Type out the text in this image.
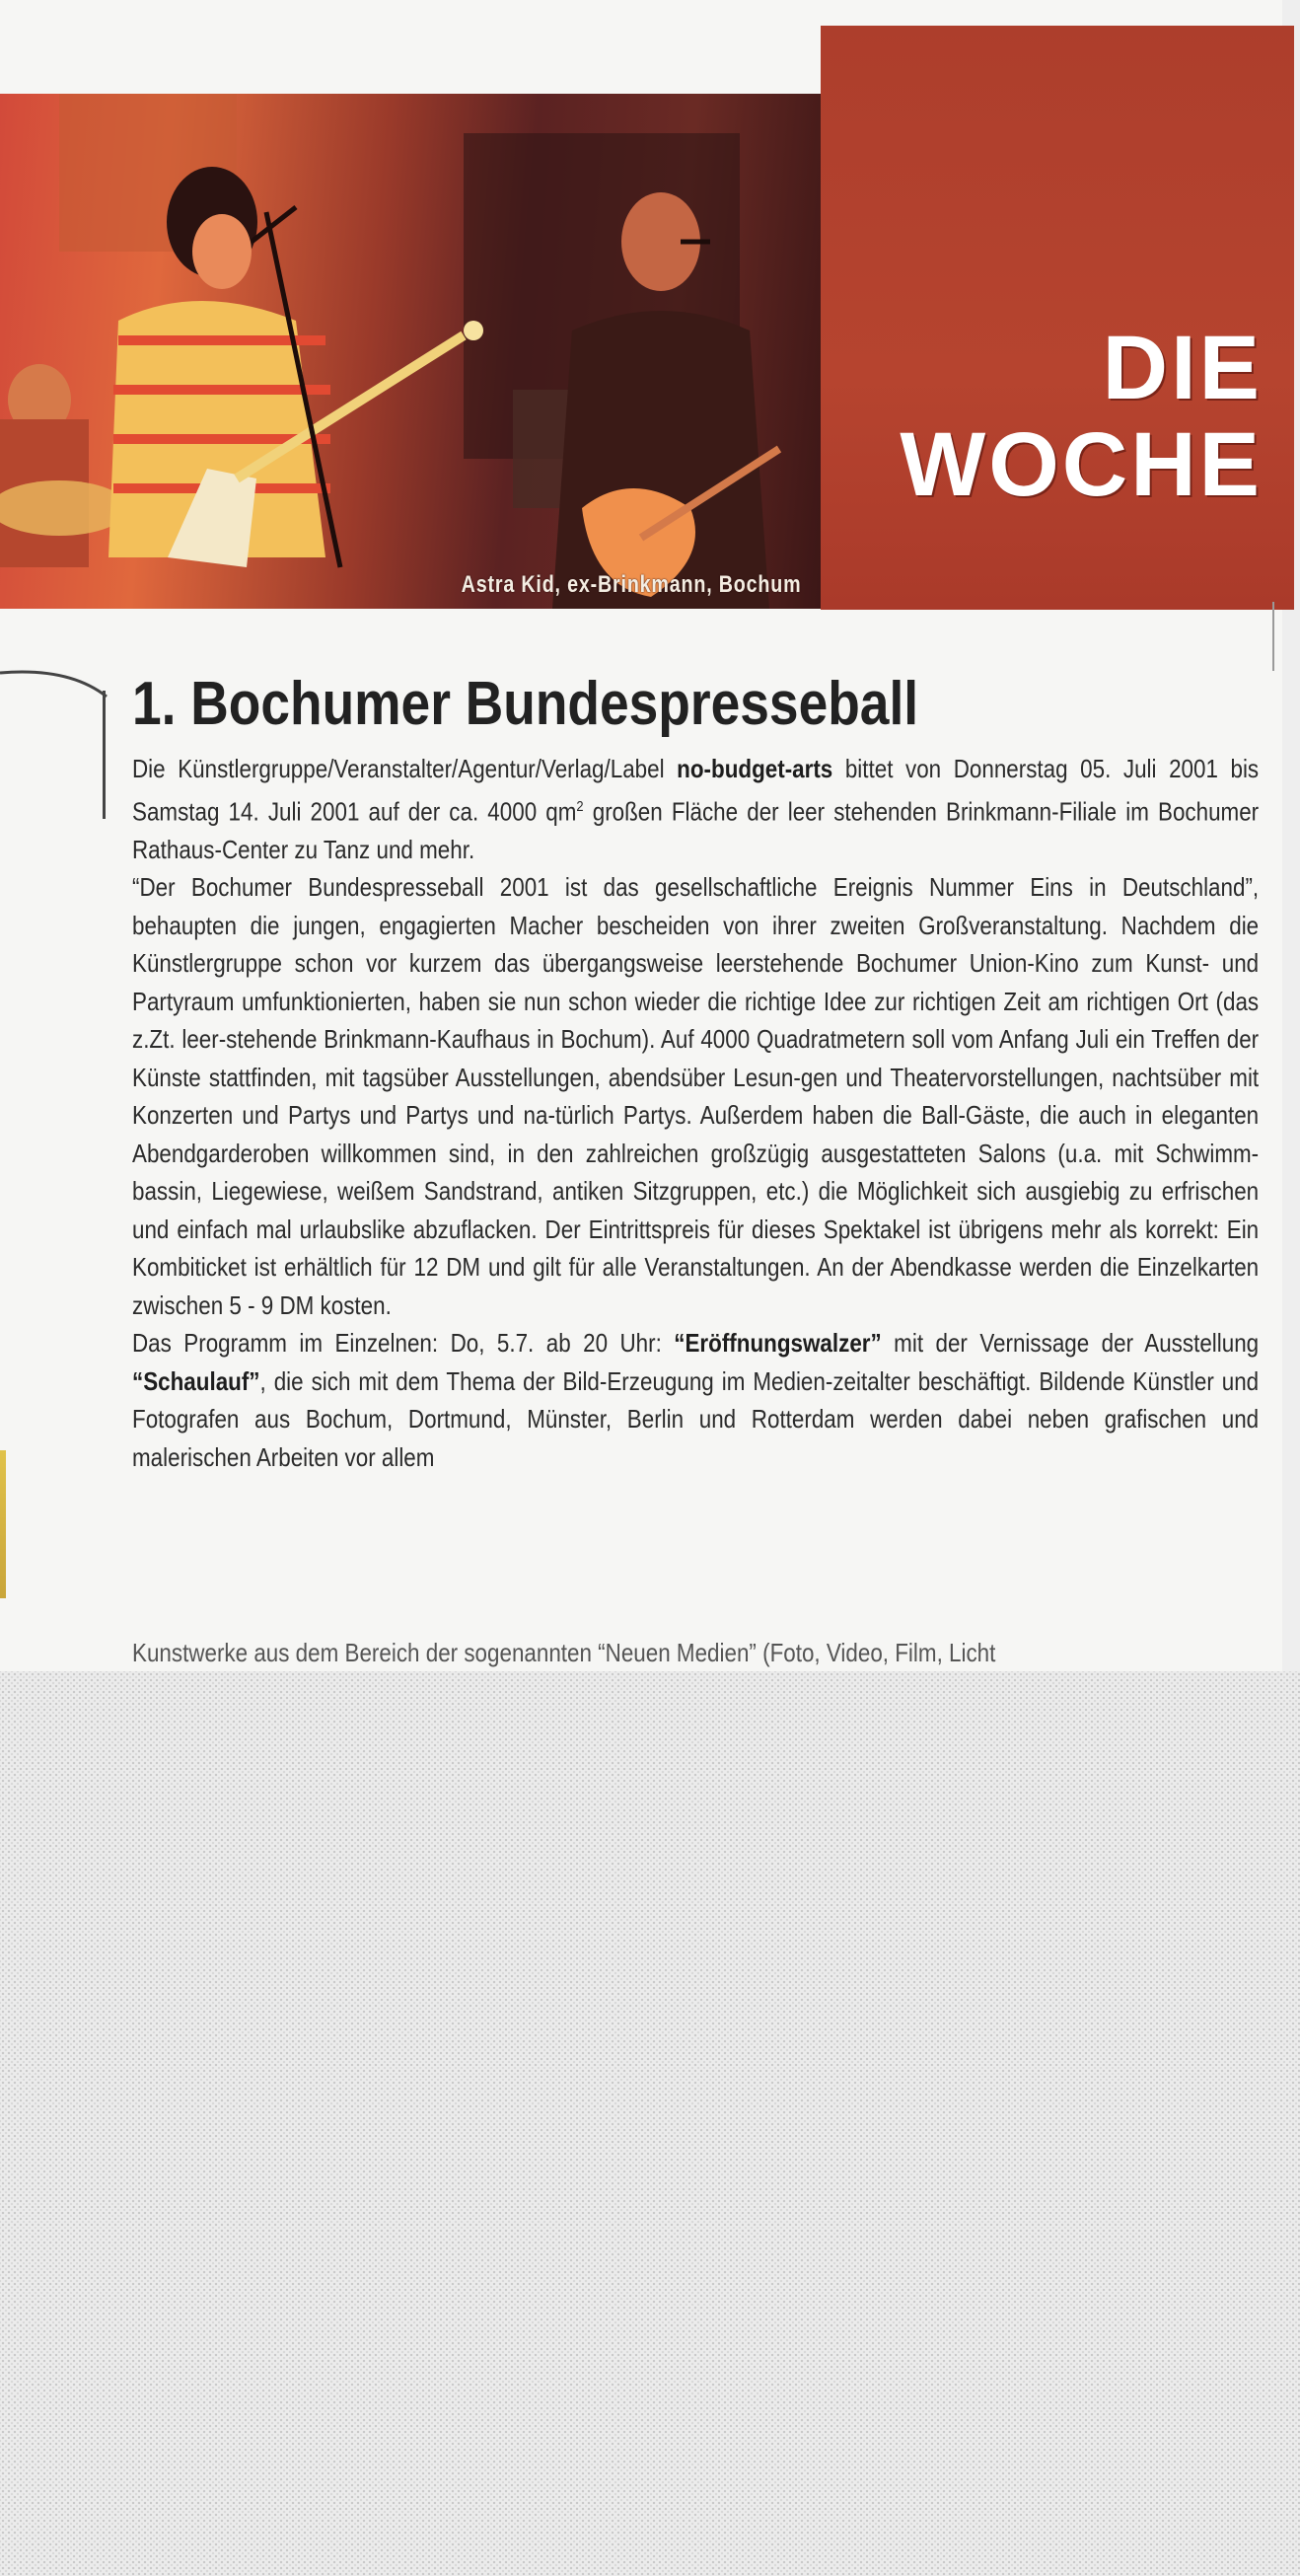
Astra Kid, ex-Brinkmann, Bochum
DIE
WOCHE
1. Bochumer Bundespresseball

Die Künstlergruppe/Veranstalter/Agentur/Verlag/Label no-budget-arts bittet von Donnerstag 05. Juli 2001 bis Samstag 14. Juli 2001 auf der ca. 4000 $qm^2$ großen Fläche der leer stehenden Brinkmann-Filiale im Bochumer Rathaus-Center zu Tanz und mehr.

“Der Bochumer Bundespresseball 2001 ist das gesellschaftliche Ereignis Nummer Eins in Deutschland”, behaupten die jungen, engagierten Macher bescheiden von ihrer zweiten Großveranstaltung. Nachdem die Künstlergruppe schon vor kurzem das übergangsweise leerstehende Bochumer Union-Kino zum Kunst- und Partyraum umfunktionierten, haben sie nun schon wieder die richtige Idee zur richtigen Zeit am richtigen Ort (das z.Zt. leer-stehende Brinkmann-Kaufhaus in Bochum). Auf 4000 Quadratmetern soll vom Anfang Juli ein Treffen der Künste stattfinden, mit tagsüber Ausstellungen, abendsüber Lesun-gen und Theatervorstellungen, nachtsüber mit Konzerten und Partys und Partys und na-türlich Partys. Außerdem haben die Ball-Gäste, die auch in eleganten Abendgarderoben willkommen sind, in den zahlreichen großzügig ausgestatteten Salons (u.a. mit Schwimm-bassin, Liegewiese, weißem Sandstrand, antiken Sitzgruppen, etc.) die Möglichkeit sich ausgiebig zu erfrischen und einfach mal urlaubslike abzuflacken. Der Eintrittspreis für dieses Spektakel ist übrigens mehr als korrekt: Ein Kombiticket ist erhältlich für 12 DM und gilt für alle Veranstaltungen. An der Abendkasse werden die Einzelkarten zwischen 5 - 9 DM kosten.

Das Programm im Einzelnen: Do, 5.7. ab 20 Uhr: “Eröffnungswalzer” mit der Vernissage der Ausstellung “Schaulauf”, die sich mit dem Thema der Bild-Erzeugung im Medien-zeitalter beschäftigt. Bildende Künstler und Fotografen aus Bochum, Dortmund, Münster, Berlin und Rotterdam werden dabei neben grafischen und malerischen Arbeiten vor allem

Kunstwerke aus dem Bereich der sogenannten “Neuen Medien” (Foto, Video, Film, Licht
